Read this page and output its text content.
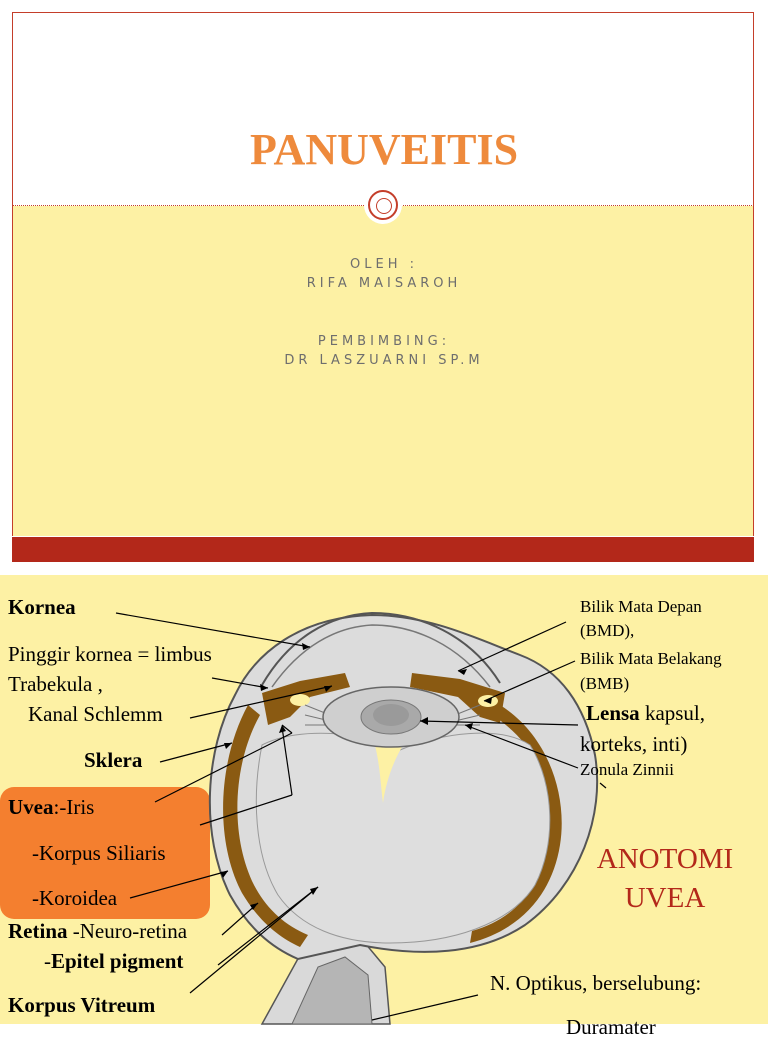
PANUVEITIS
OLEH :
RIFA MAISAROH
PEMBIMBING:
DR LASZUARNI SP.M
Kornea
Pinggir kornea = limbus
Trabekula ,
Kanal Schlemm
Sklera
Uvea:-Iris
-Korpus Siliaris
-Koroidea
Retina -Neuro-retina
-Epitel pigment
Korpus Vitreum
Bilik Mata Depan
(BMD),
Bilik Mata Belakang
(BMB)
Lensa kapsul,
korteks, inti)
Zonula Zinnii
ANOTOMI
UVEA
N. Optikus, berselubung:
Duramater
